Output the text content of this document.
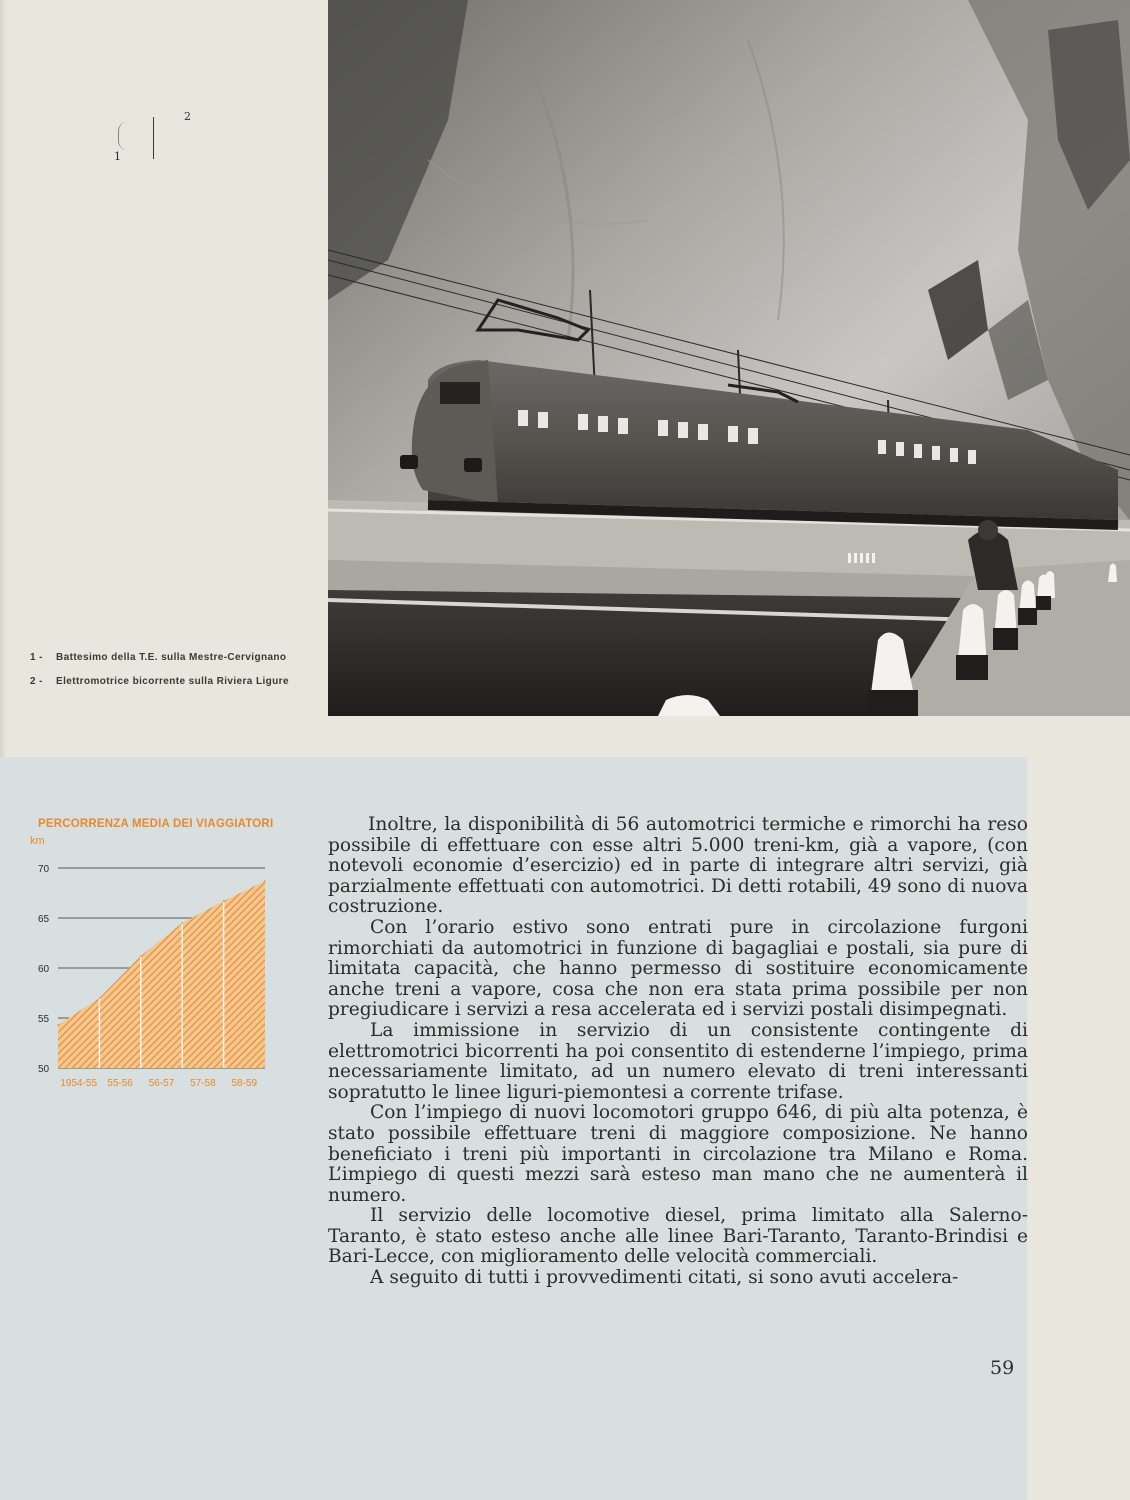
1
2
1 -	Battesimo della T.E. sulla Mestre-Cervignano
2 -	Elettromotrice bicorrente sulla Riviera Ligure
PERCORRENZA MEDIA DEI VIAGGIATORI
km
50
55
60
65
70
1954-55 55-56 56-57 57-58 58-59

Inoltre, la disponibilità di 56 automotrici termiche e rimorchi ha reso possibile di effettuare con esse altri 5.000 treni-km, già a vapore, (con notevoli economie d’esercizio) ed in parte di integrare altri servizi, già parzialmente effettuati con automotrici. Di detti rotabili, 49 sono di nuova costruzione.

Con l’orario estivo sono entrati pure in circolazione furgoni rimorchiati da automotrici in funzione di bagagliai e postali, sia pure di limitata capacità, che hanno permesso di sostituire economicamente anche treni a vapore, cosa che non era stata prima possibile per non pregiudicare i servizi a resa accelerata ed i servizi postali disimpegnati.

La immissione in servizio di un consistente contingente di elettromotrici bicorrenti ha poi consentito di estenderne l’impiego, prima necessariamente limitato, ad un numero elevato di treni interessanti sopratutto le linee liguri-piemontesi a corrente trifase.

Con l’impiego di nuovi locomotori gruppo 646, di più alta potenza, è stato possibile effettuare treni di maggiore composizione. Ne hanno beneficiato i treni più importanti in circolazione tra Milano e Roma. L’impiego di questi mezzi sarà esteso man mano che ne aumenterà il numero.

Il servizio delle locomotive diesel, prima limitato alla Salerno-Taranto, è stato esteso anche alle linee Bari-Taranto, Taranto-Brindisi e Bari-Lecce, con miglioramento delle velocità commerciali.

A seguito di tutti i provvedimenti citati, si sono avuti accelera-

59
